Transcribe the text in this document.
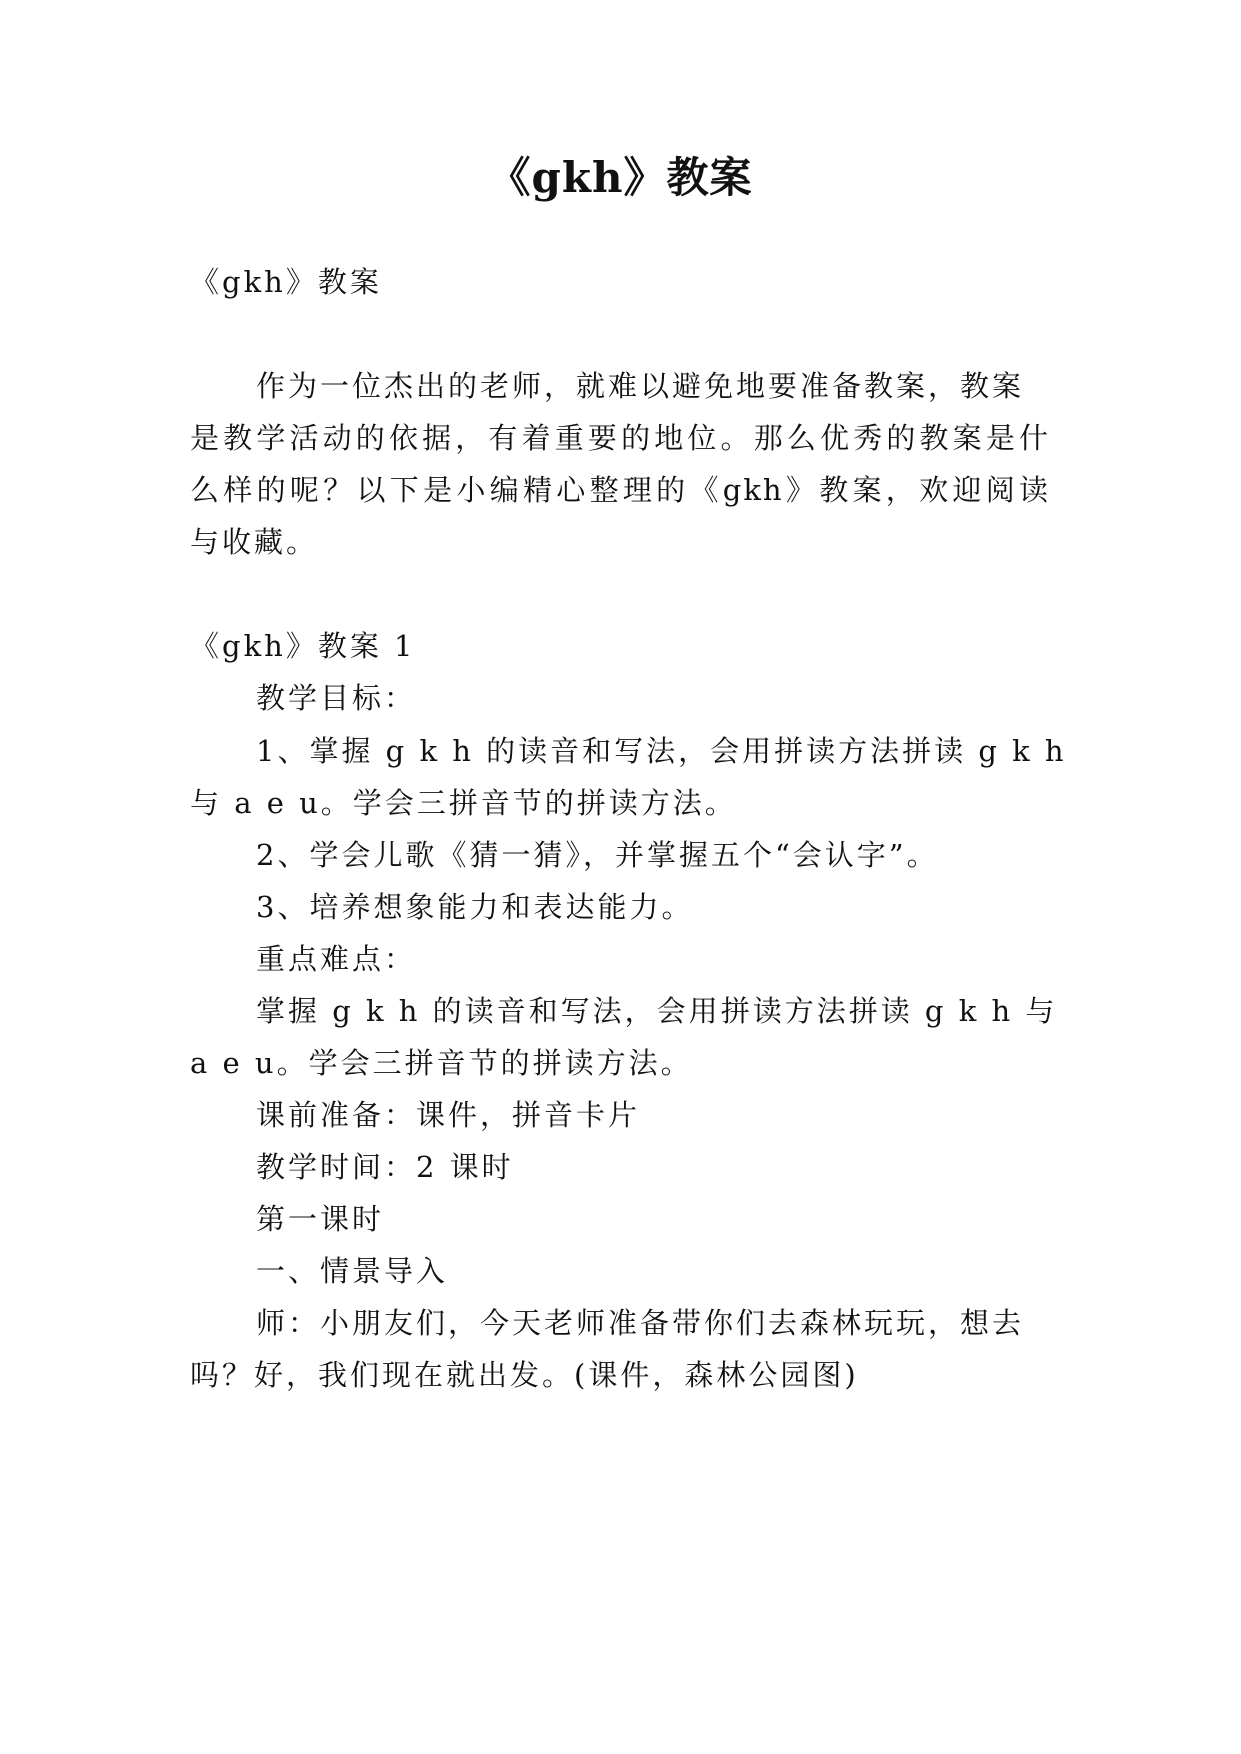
《gkh》教案
《gkh》教案
作为一位杰出的老师，就难以避免地要准备教案，教案
是教学活动的依据，有着重要的地位。那么优秀的教案是什
么样的呢？以下是小编精心整理的《gkh》教案，欢迎阅读
与收藏。
《gkh》教案 1
教学目标：
1、掌握 g k h 的读音和写法，会用拼读方法拼读 g k h
与 a e u。学会三拼音节的拼读方法。
2、学会儿歌《猜一猜》，并掌握五个“会认字”。
3、培养想象能力和表达能力。
重点难点：
掌握 g k h 的读音和写法，会用拼读方法拼读 g k h 与
a e u。学会三拼音节的拼读方法。
课前准备：课件，拼音卡片
教学时间：2 课时
第一课时
一、情景导入
师：小朋友们，今天老师准备带你们去森林玩玩，想去
吗？好，我们现在就出发。(课件，森林公园图)
